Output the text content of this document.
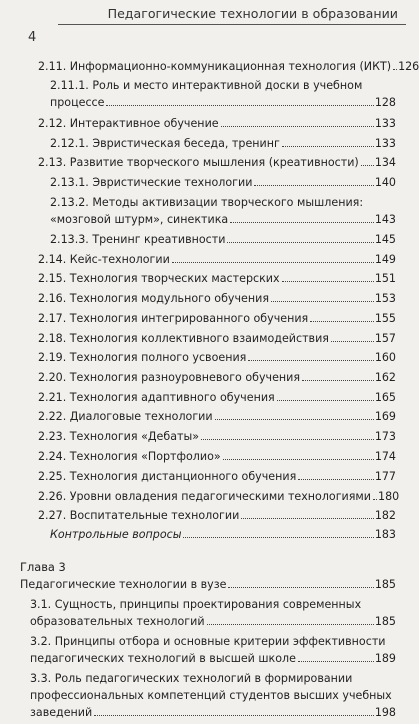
4
Педагогические технологии в образовании
2.11. Информационно-коммуникационная технология (ИКТ) 126
2.11.1. Роль и место интерактивной доски в учебном
процессе	128
2.12. Интерактивное обучение	133
2.12.1. Эвристическая беседа, тренинг	133
2.13. Развитие творческого мышления (креативности) 134
2.13.1. Эвристические технологии	140
2.13.2. Методы активизации творческого мышления:
«мозговой штурм», синектика	143
2.13.3. Тренинг креативности	145
2.14. Кейс-технологии	149
2.15. Технология творческих мастерских	151
2.16. Технология модульного обучения	153
2.17. Технология интегрированного обучения	155
2.18. Технология коллективного взаимодействия	157
2.19. Технология полного усвоения	160
2.20. Технология разноуровневого обучения	162
2.21. Технология адаптивного обучения	165
2.22. Диалоговые технологии	169
2.23. Технология «Дебаты»	173
2.24. Технология «Портфолио»	174
2.25. Технология дистанционного обучения	177
2.26. Уровни овладения педагогическими технологиями 180
2.27. Воспитательные технологии	182
Контрольные вопросы	183
Глава 3
Педагогические технологии в вузе	185
3.1. Сущность, принципы проектирования современных
образовательных технологий	185
3.2. Принципы отбора и основные критерии эффективности
педагогических технологий в высшей школе	189
3.3. Роль педагогических технологий в формировании
профессиональных компетенций студентов высших учебных
заведений	198
